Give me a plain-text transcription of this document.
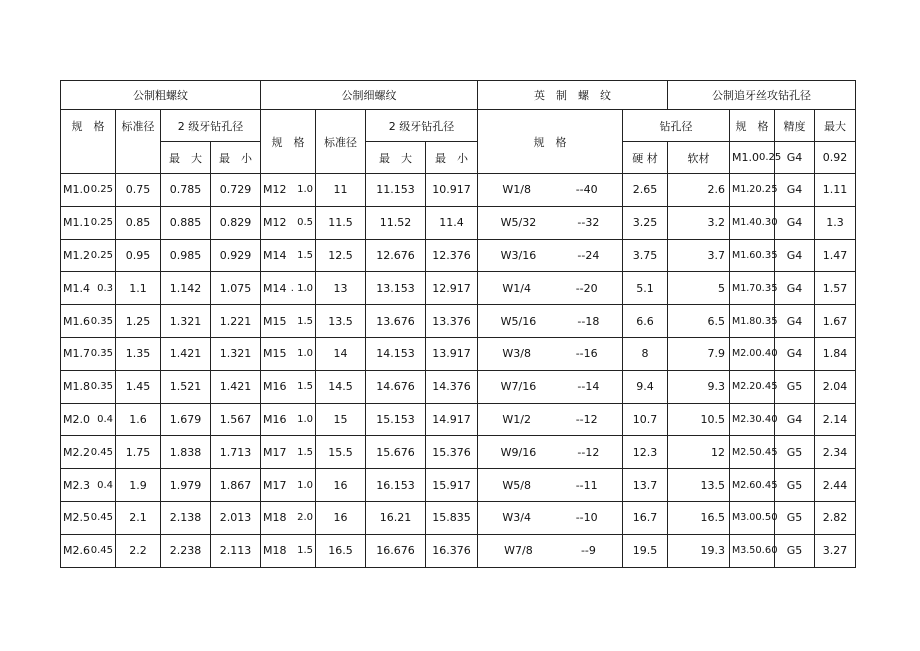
公制粗螺纹				公制细螺纹				英　制　螺　纹		公制追牙丝攻钻孔径				
规　格	标准径	2 级牙钻孔径		规　格	标准径	2 级牙钻孔径		规　格	钻孔径		规　格	精度	最大	
		最　大	最　小			最　大	最　小		硬 材	软材	M1.0 0.25	G4	0.92	

M1.0 0.25	0.75	0.785	0.729	M12 1.0	11	11.153	10.917	W1/8 --40	2.65	2.6	M1.2 0.25	G4	1.11	

M1.1 0.25	0.85	0.885	0.829	M12 0.5	11.5	11.52	11.4	W5/32 --32	3.25	3.2	M1.4 0.30	G4	1.3	

M1.2 0.25	0.95	0.985	0.929	M14 1.5	12.5	12.676	12.376	W3/16 --24	3.75	3.7	M1.6 0.35	G4	1.47	

M1.4 0.3	1.1	1.142	1.075	M14 . 1.0	13	13.153	12.917	W1/4 --20	5.1	5	M1.7 0.35	G4	1.57	

M1.6 0.35	1.25	1.321	1.221	M15 1.5	13.5	13.676	13.376	W5/16 --18	6.6	6.5	M1.8 0.35	G4	1.67	

M1.7 0.35	1.35	1.421	1.321	M15 1.0	14	14.153	13.917	W3/8 --16	8	7.9	M2.0 0.40	G4	1.84	

M1.8 0.35	1.45	1.521	1.421	M16 1.5	14.5	14.676	14.376	W7/16 --14	9.4	9.3	M2.2 0.45	G5	2.04	

M2.0 0.4	1.6	1.679	1.567	M16 1.0	15	15.153	14.917	W1/2 --12	10.7	10.5	M2.3 0.40	G4	2.14	

M2.2 0.45	1.75	1.838	1.713	M17 1.5	15.5	15.676	15.376	W9/16 --12	12.3	12	M2.5 0.45	G5	2.34	

M2.3 0.4	1.9	1.979	1.867	M17 1.0	16	16.153	15.917	W5/8 --11	13.7	13.5	M2.6 0.45	G5	2.44	

M2.5 0.45	2.1	2.138	2.013	M18 2.0	16	16.21	15.835	W3/4 --10	16.7	16.5	M3.0 0.50	G5	2.82	

M2.6 0.45	2.2	2.238	2.113	M18 1.5	16.5	16.676	16.376	W7/8 --9	19.5	19.3	M3.5 0.60	G5	3.27	
